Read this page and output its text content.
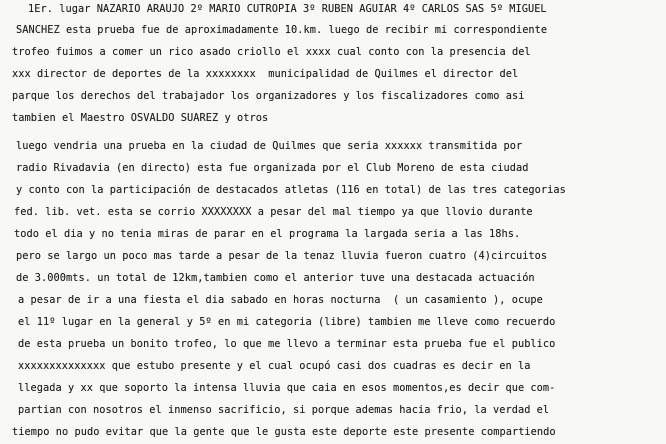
1Er. lugar NAZARIO ARAUJO 2º MARIO CUTROPIA 3º RUBEN AGUIAR 4º CARLOS SAS 5º MIGUEL
SANCHEZ esta prueba fue de aproximadamente 10.km. luego de recibir mi correspondiente
trofeo fuimos a comer un rico asado criollo el xxxx cual conto con la presencia del
xxx director de deportes de la xxxxxxxx  municipalidad de Quilmes el director del
parque los derechos del trabajador los organizadores y los fiscalizadores como asi
tambien el Maestro OSVALDO SUAREZ y otros
luego vendria una prueba en la ciudad de Quilmes que seria xxxxxx transmitida por
radio Rivadavia (en directo) esta fue organizada por el Club Moreno de esta ciudad
y conto con la participación de destacados atletas (116 en total) de las tres categorias
fed. lib. vet. esta se corrio XXXXXXXX a pesar del mal tiempo ya que llovio durante
todo el dia y no tenia miras de parar en el programa la largada seria a las 18hs.
pero se largo un poco mas tarde a pesar de la tenaz lluvia fueron cuatro (4)circuitos
de 3.000mts. un total de 12km,tambien como el anterior tuve una destacada actuación
a pesar de ir a una fiesta el dia sabado en horas nocturna  ( un casamiento ), ocupe
el 11º lugar en la general y 5º en mi categoria (libre) tambien me lleve como recuerdo
de esta prueba un bonito trofeo, lo que me llevo a terminar esta prueba fue el publico
xxxxxxxxxxxxxx que estubo presente y el cual ocupó casi dos cuadras es decir en la
llegada y xx que soporto la intensa lluvia que caia en esos momentos,es decir que com-
partian con nosotros el inmenso sacrificio, si porque ademas hacia frio, la verdad el
tiempo no pudo evitar que la gente que le gusta este deporte este presente compartiendo
